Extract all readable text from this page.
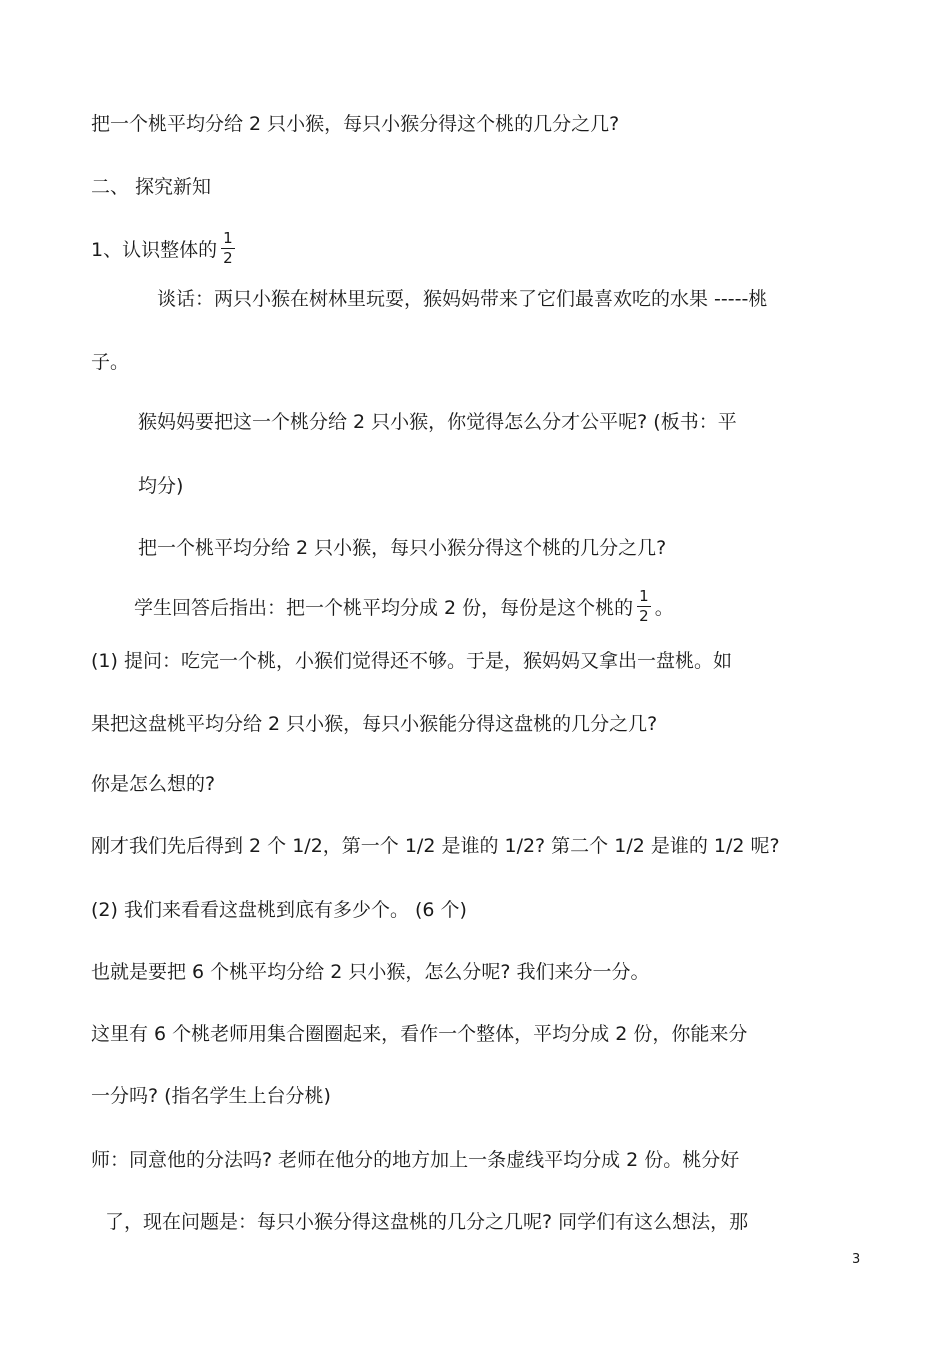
把一个桃平均分给 2 只小猴，每只小猴分得这个桃的几分之几?
二、 探究新知
1、认识整体的 $\frac{1}{2}$
谈话：两只小猴在树林里玩耍，猴妈妈带来了它们最喜欢吃的水果 -----桃
子。
猴妈妈要把这一个桃分给 2 只小猴，你觉得怎么分才公平呢? (板书：平
均分)
把一个桃平均分给 2 只小猴，每只小猴分得这个桃的几分之几?
学生回答后指出：把一个桃平均分成 2 份，每份是这个桃的 $\frac{1}{2}$ 。
(1) 提问：吃完一个桃，小猴们觉得还不够。于是，猴妈妈又拿出一盘桃。如
果把这盘桃平均分给 2 只小猴，每只小猴能分得这盘桃的几分之几?
你是怎么想的?
刚才我们先后得到 2 个 1/2，第一个 1/2 是谁的 1/2? 第二个 1/2 是谁的 1/2 呢?
(2) 我们来看看这盘桃到底有多少个。 (6 个)
也就是要把 6 个桃平均分给 2 只小猴，怎么分呢? 我们来分一分。
这里有 6 个桃老师用集合圈圈起来，看作一个整体，平均分成 2 份，你能来分
一分吗? (指名学生上台分桃)
师：同意他的分法吗? 老师在他分的地方加上一条虚线平均分成 2 份。桃分好
了，现在问题是：每只小猴分得这盘桃的几分之几呢? 同学们有这么想法，那
3
